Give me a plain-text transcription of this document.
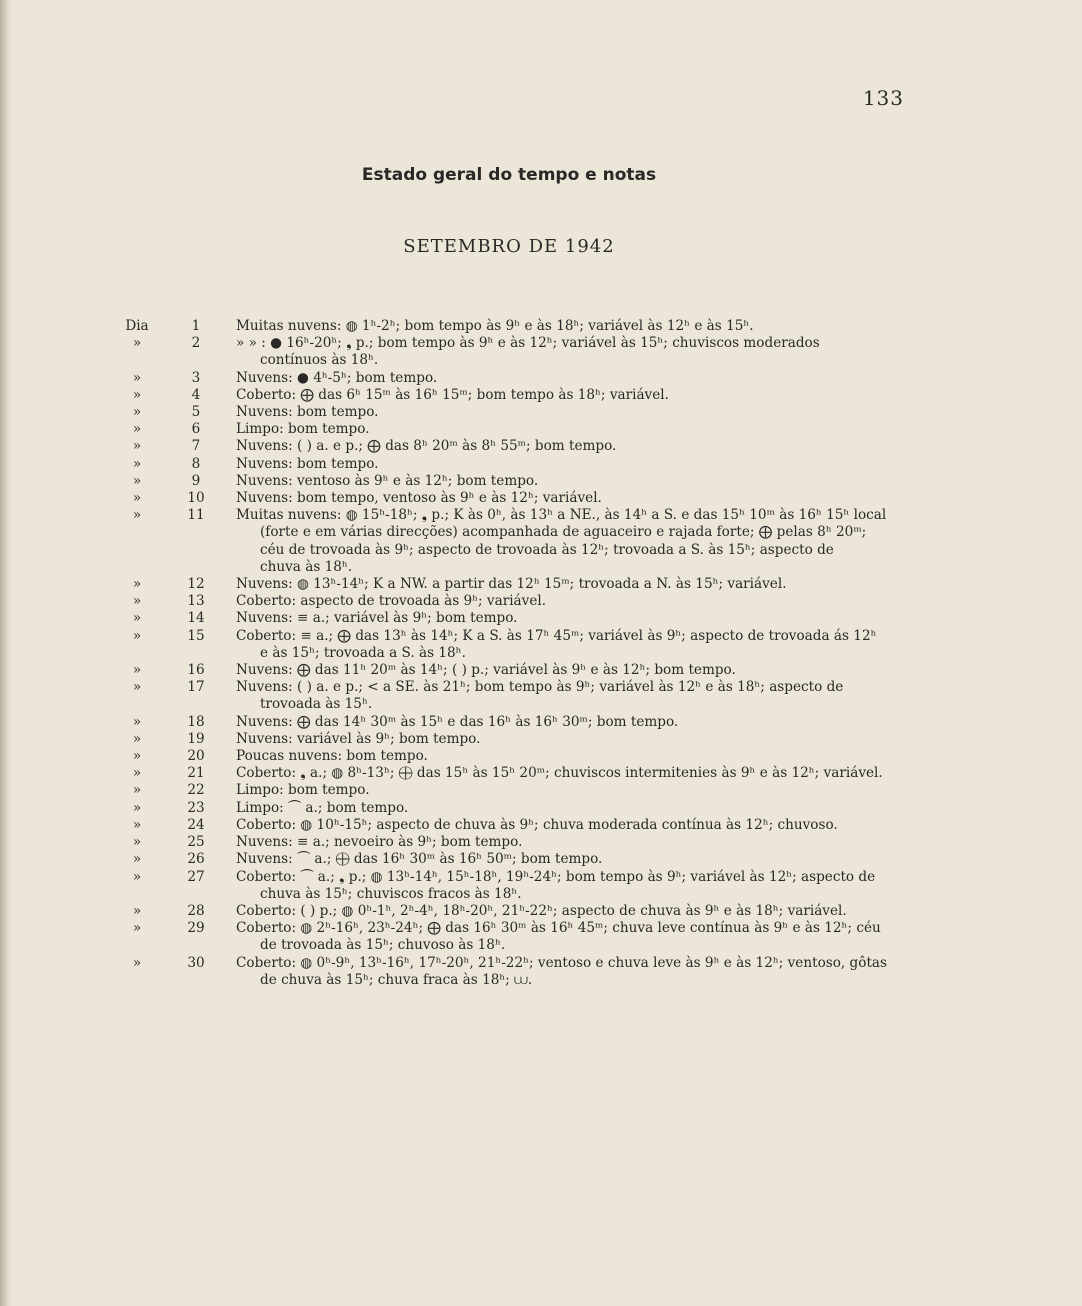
133
Estado geral do tempo e notas
SETEMBRO DE 1942
Dia	1	Muitas nuvens: ◍ 1ʰ-2ʰ; bom tempo às 9ʰ e às 18ʰ; variável às 12ʰ e às 15ʰ.
»	2	» » : ● 16ʰ-20ʰ; ❟ p.; bom tempo às 9ʰ e às 12ʰ; variável às 15ʰ; chuviscos moderados
contínuos às 18ʰ.
»	3	Nuvens: ● 4ʰ-5ʰ; bom tempo.
»	4	Coberto: ⨁ das 6ʰ 15ᵐ às 16ʰ 15ᵐ; bom tempo às 18ʰ; variável.
»	5	Nuvens: bom tempo.
»	6	Limpo: bom tempo.
»	7	Nuvens: ( ) a. e p.; ⨁ das 8ʰ 20ᵐ às 8ʰ 55ᵐ; bom tempo.
»	8	Nuvens: bom tempo.
»	9	Nuvens: ventoso às 9ʰ e às 12ʰ; bom tempo.
»	10	Nuvens: bom tempo, ventoso às 9ʰ e às 12ʰ; variável.
»	11	Muitas nuvens: ◍ 15ʰ-18ʰ; ❟ p.; K às 0ʰ, às 13ʰ a NE., às 14ʰ a S. e das 15ʰ 10ᵐ às 16ʰ 15ʰ local
(forte e em várias direcções) acompanhada de aguaceiro e rajada forte; ⨁ pelas 8ʰ 20ᵐ;
céu de trovoada às 9ʰ; aspecto de trovoada às 12ʰ; trovoada a S. às 15ʰ; aspecto de
chuva às 18ʰ.
»	12	Nuvens: ◍ 13ʰ-14ʰ; K a NW. a partir das 12ʰ 15ᵐ; trovoada a N. às 15ʰ; variável.
»	13	Coberto: aspecto de trovoada às 9ʰ; variável.
»	14	Nuvens: ≡ a.; variável às 9ʰ; bom tempo.
»	15	Coberto: ≡ a.; ⨁ das 13ʰ às 14ʰ; K a S. às 17ʰ 45ᵐ; variável às 9ʰ; aspecto de trovoada ás 12ʰ
e às 15ʰ; trovoada a S. às 18ʰ.
»	16	Nuvens: ⨁ das 11ʰ 20ᵐ às 14ʰ; ( ) p.; variável às 9ʰ e às 12ʰ; bom tempo.
»	17	Nuvens: ( ) a. e p.; < a SE. às 21ʰ; bom tempo às 9ʰ; variável às 12ʰ e às 18ʰ; aspecto de
trovoada às 15ʰ.
»	18	Nuvens: ⨁ das 14ʰ 30ᵐ às 15ʰ e das 16ʰ às 16ʰ 30ᵐ; bom tempo.
»	19	Nuvens: variável às 9ʰ; bom tempo.
»	20	Poucas nuvens: bom tempo.
»	21	Coberto: ❟ a.; ◍ 8ʰ-13ʰ; ⨁ das 15ʰ às 15ʰ 20ᵐ; chuviscos intermitenies às 9ʰ e às 12ʰ; variável.
»	22	Limpo: bom tempo.
»	23	Limpo: ⏜ a.; bom tempo.
»	24	Coberto: ◍ 10ʰ-15ʰ; aspecto de chuva às 9ʰ; chuva moderada contínua às 12ʰ; chuvoso.
»	25	Nuvens: ≡ a.; nevoeiro às 9ʰ; bom tempo.
»	26	Nuvens: ⏜ a.; ⨁ das 16ʰ 30ᵐ às 16ʰ 50ᵐ; bom tempo.
»	27	Coberto: ⏜ a.; ❟ p.; ◍ 13ʰ-14ʰ, 15ʰ-18ʰ, 19ʰ-24ʰ; bom tempo às 9ʰ; variável às 12ʰ; aspecto de
chuva às 15ʰ; chuviscos fracos às 18ʰ.
»	28	Coberto: ( ) p.; ◍ 0ʰ-1ʰ, 2ʰ-4ʰ, 18ʰ-20ʰ, 21ʰ-22ʰ; aspecto de chuva às 9ʰ e às 18ʰ; variável.
»	29	Coberto: ◍ 2ʰ-16ʰ, 23ʰ-24ʰ; ⨁ das 16ʰ 30ᵐ às 16ʰ 45ᵐ; chuva leve contínua às 9ʰ e às 12ʰ; céu
de trovoada às 15ʰ; chuvoso às 18ʰ.
»	30	Coberto: ◍ 0ʰ-9ʰ, 13ʰ-16ʰ, 17ʰ-20ʰ, 21ʰ-22ʰ; ventoso e chuva leve às 9ʰ e às 12ʰ; ventoso, gôtas
de chuva às 15ʰ; chuva fraca às 18ʰ; ⩊.
